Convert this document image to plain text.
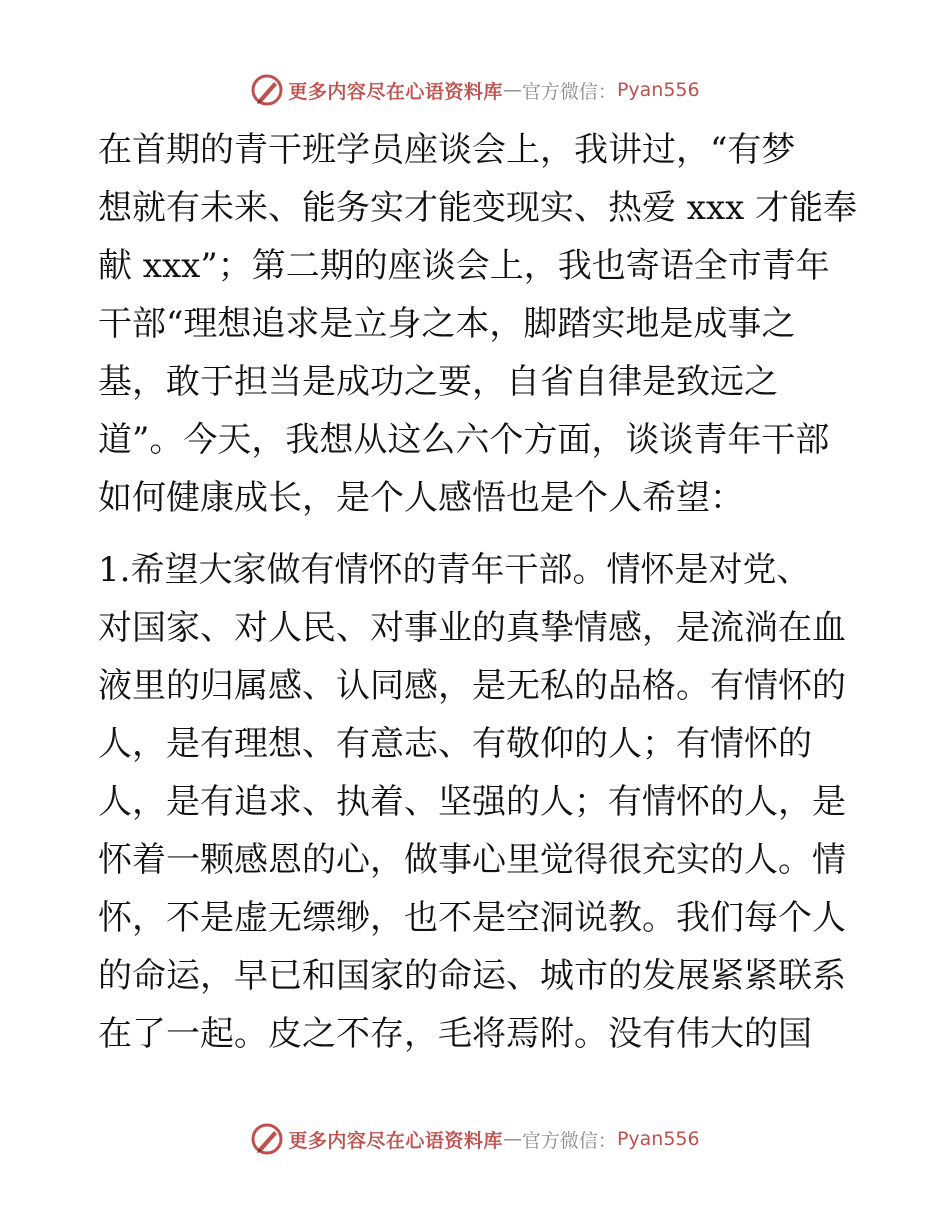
更多内容尽在心语资料库 — 官方微信： Pyan556
在首期的青干班学员座谈会上，我讲过，“有梦
想就有未来、能务实才能变现实、热爱 xxx 才能奉
献 xxx”；第二期的座谈会上，我也寄语全市青年
干部“理想追求是立身之本，脚踏实地是成事之
基，敢于担当是成功之要，自省自律是致远之
道”。今天，我想从这么六个方面，谈谈青年干部
如何健康成长，是个人感悟也是个人希望：
1.希望大家做有情怀的青年干部。情怀是对党、
对国家、对人民、对事业的真挚情感，是流淌在血
液里的归属感、认同感，是无私的品格。有情怀的
人，是有理想、有意志、有敬仰的人；有情怀的
人，是有追求、执着、坚强的人；有情怀的人，是
怀着一颗感恩的心，做事心里觉得很充实的人。情
怀，不是虚无缥缈，也不是空洞说教。我们每个人
的命运，早已和国家的命运、城市的发展紧紧联系
在了一起。皮之不存，毛将焉附。没有伟大的国
更多内容尽在心语资料库 — 官方微信： Pyan556
